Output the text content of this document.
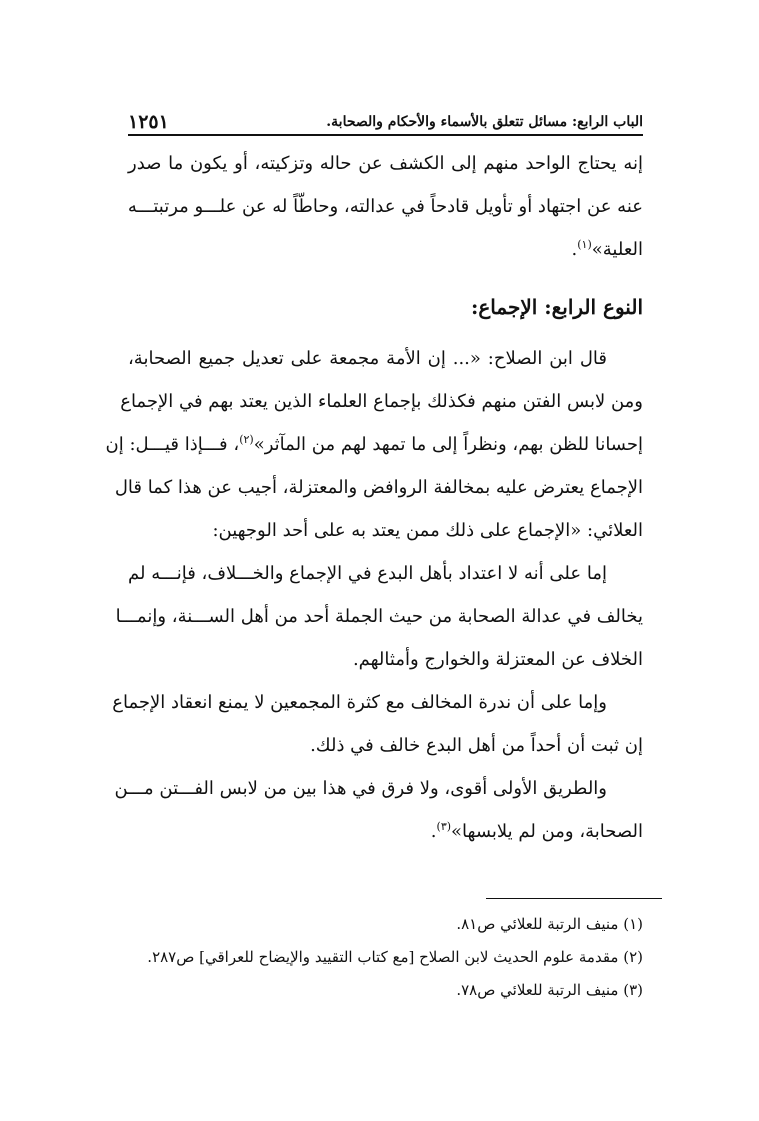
الباب الرابع: مسائل تتعلق بالأسماء والأحكام والصحابة.
١٢٥١

إنه يحتاج الواحد منهم إلى الكشف عن حاله وتزكيته، أو يكون ما صدر
عنه عن اجتهاد أو تأويل قادحاً في عدالته، وحاطّاً له عن علـــو مرتبتـــه
العلية»$^{(١)}$.

النوع الرابع: الإجماع:

قال ابن الصلاح: «... إن الأمة مجمعة على تعديل جميع الصحابة،
ومن لابس الفتن منهم فكذلك بإجماع العلماء الذين يعتد بهم في الإجماع
إحسانا للظن بهم، ونظراً إلى ما تمهد لهم من المآثر»$^{(٢)}$، فـــإذا قيـــل: إن
الإجماع يعترض عليه بمخالفة الروافض والمعتزلة، أجيب عن هذا كما قال
العلائي: «الإجماع على ذلك ممن يعتد به على أحد الوجهين:

إما على أنه لا اعتداد بأهل البدع في الإجماع والخـــلاف، فإنـــه لم
يخالف في عدالة الصحابة من حيث الجملة أحد من أهل الســـنة، وإنمـــا
الخلاف عن المعتزلة والخوارج وأمثالهم.

وإما على أن ندرة المخالف مع كثرة المجمعين لا يمنع انعقاد الإجماع
إن ثبت أن أحداً من أهل البدع خالف في ذلك.

والطريق الأولى أقوى، ولا فرق في هذا بين من لابس الفـــتن مـــن
الصحابة، ومن لم يلابسها»$^{(٣)}$.

(١) منيف الرتبة للعلائي ص٨١.
(٢) مقدمة علوم الحديث لابن الصلاح [مع كتاب التقييد والإيضاح للعراقي] ص٢٨٧.
(٣) منيف الرتبة للعلائي ص٧٨.
